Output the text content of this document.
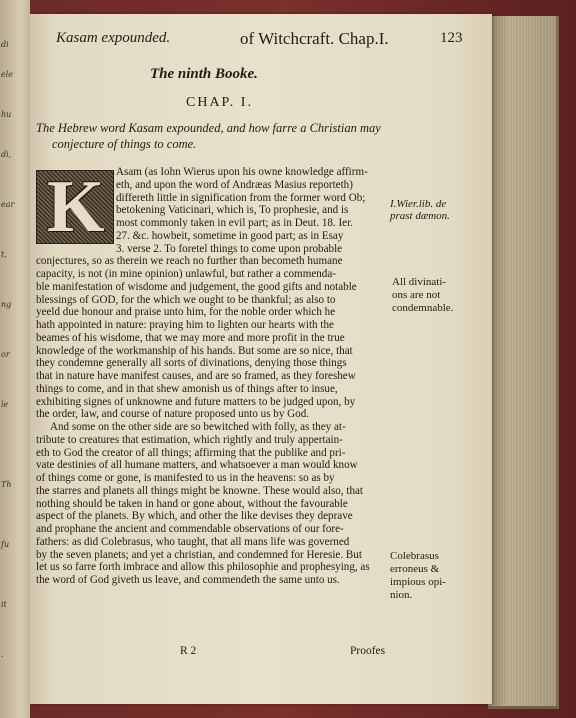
di
ele
hu
di,
ear
t,
ng
or
le
Th
fu
it
.
Kasam expounded.	of Witchcraft. Chap.I.	123
The ninth Booke.
CHAP. I.
The Hebrew word Kasam expounded, and how farre a Christian may
conjecture of things to come.
K Asam (as Iohn Wierus upon his owne knowledge affirm-
eth, and upon the word of Andræas Masius reporteth)
differeth little in signification from the former word Ob;
betokening Vaticinari, which is, To prophesie, and is
most commonly taken in evil part; as in Deut. 18. Ier.
27. &c. howbeit, sometime in good part; as in Esay
3. verse 2. To foretel things to come upon probable
conjectures, so as therein we reach no further than becometh humane
capacity, is not (in mine opinion) unlawful, but rather a commenda-
ble manifestation of wisdome and judgement, the good gifts and notable
blessings of GOD, for the which we ought to be thankful; as also to
yeeld due honour and praise unto him, for the noble order which he
hath appointed in nature: praying him to lighten our hearts with the
beames of his wisdome, that we may more and more profit in the true
knowledge of the workmanship of his hands. But some are so nice, that
they condemne generally all sorts of divinations, denying those things
that in nature have manifest causes, and are so framed, as they foreshew
things to come, and in that shew amonish us of things after to insue,
exhibiting signes of unknowne and future matters to be judged upon, by
the order, law, and course of nature proposed unto us by God.
And some on the other side are so bewitched with folly, as they at-
tribute to creatures that estimation, which rightly and truly appertain-
eth to God the creator of all things; affirming that the publike and pri-
vate destinies of all humane matters, and whatsoever a man would know
of things come or gone, is manifested to us in the heavens: so as by
the starres and planets all things might be knowne. These would also, that
nothing should be taken in hand or gone about, without the favourable
aspect of the planets. By which, and other the like devises they deprave
and prophane the ancient and commendable observations of our fore-
fathers: as did Colebrasus, who taught, that all mans life was governed
by the seven planets; and yet a christian, and condemned for Heresie. But
let us so farre forth imbrace and allow this philosophie and prophesying, as
the word of God giveth us leave, and commendeth the same unto us.
I.Wier.lib. de
prast dæmon.
All divinati-
ons are not
condemnable.
Colebrasus
erroneus &
impious opi-
nion.
R 2	Proofes
